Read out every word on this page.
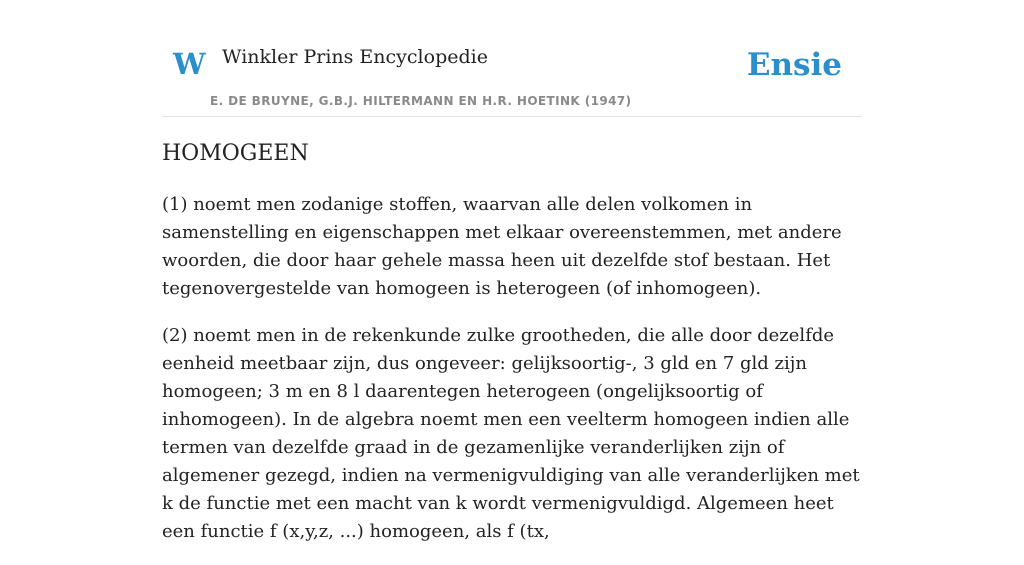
W Winkler Prins Encyclopedie
E. DE BRUYNE, G.B.J. HILTERMANN EN H.R. HOETINK (1947)
Ensie
HOMOGEEN

(1) noemt men zodanige stoffen, waarvan alle delen volkomen in samenstelling en eigenschappen met elkaar overeenstemmen, met andere woorden, die door haar gehele massa heen uit dezelfde stof bestaan. Het tegenovergestelde van homogeen is heterogeen (of inhomogeen).

(2) noemt men in de rekenkunde zulke grootheden, die alle door dezelfde eenheid meetbaar zijn, dus ongeveer: gelijksoortig-, 3 gld en 7 gld zijn homogeen; 3 m en 8 l daarentegen heterogeen (ongelijksoortig of inhomogeen). In de algebra noemt men een veelterm homogeen indien alle termen van dezelfde graad in de gezamenlijke veranderlijken zijn of algemener gezegd, indien na vermenigvuldiging van alle veranderlijken met k de functie met een macht van k wordt vermenigvuldigd. Algemeen heet een functie f (x,y,z, ...) homogeen, als f (tx,
